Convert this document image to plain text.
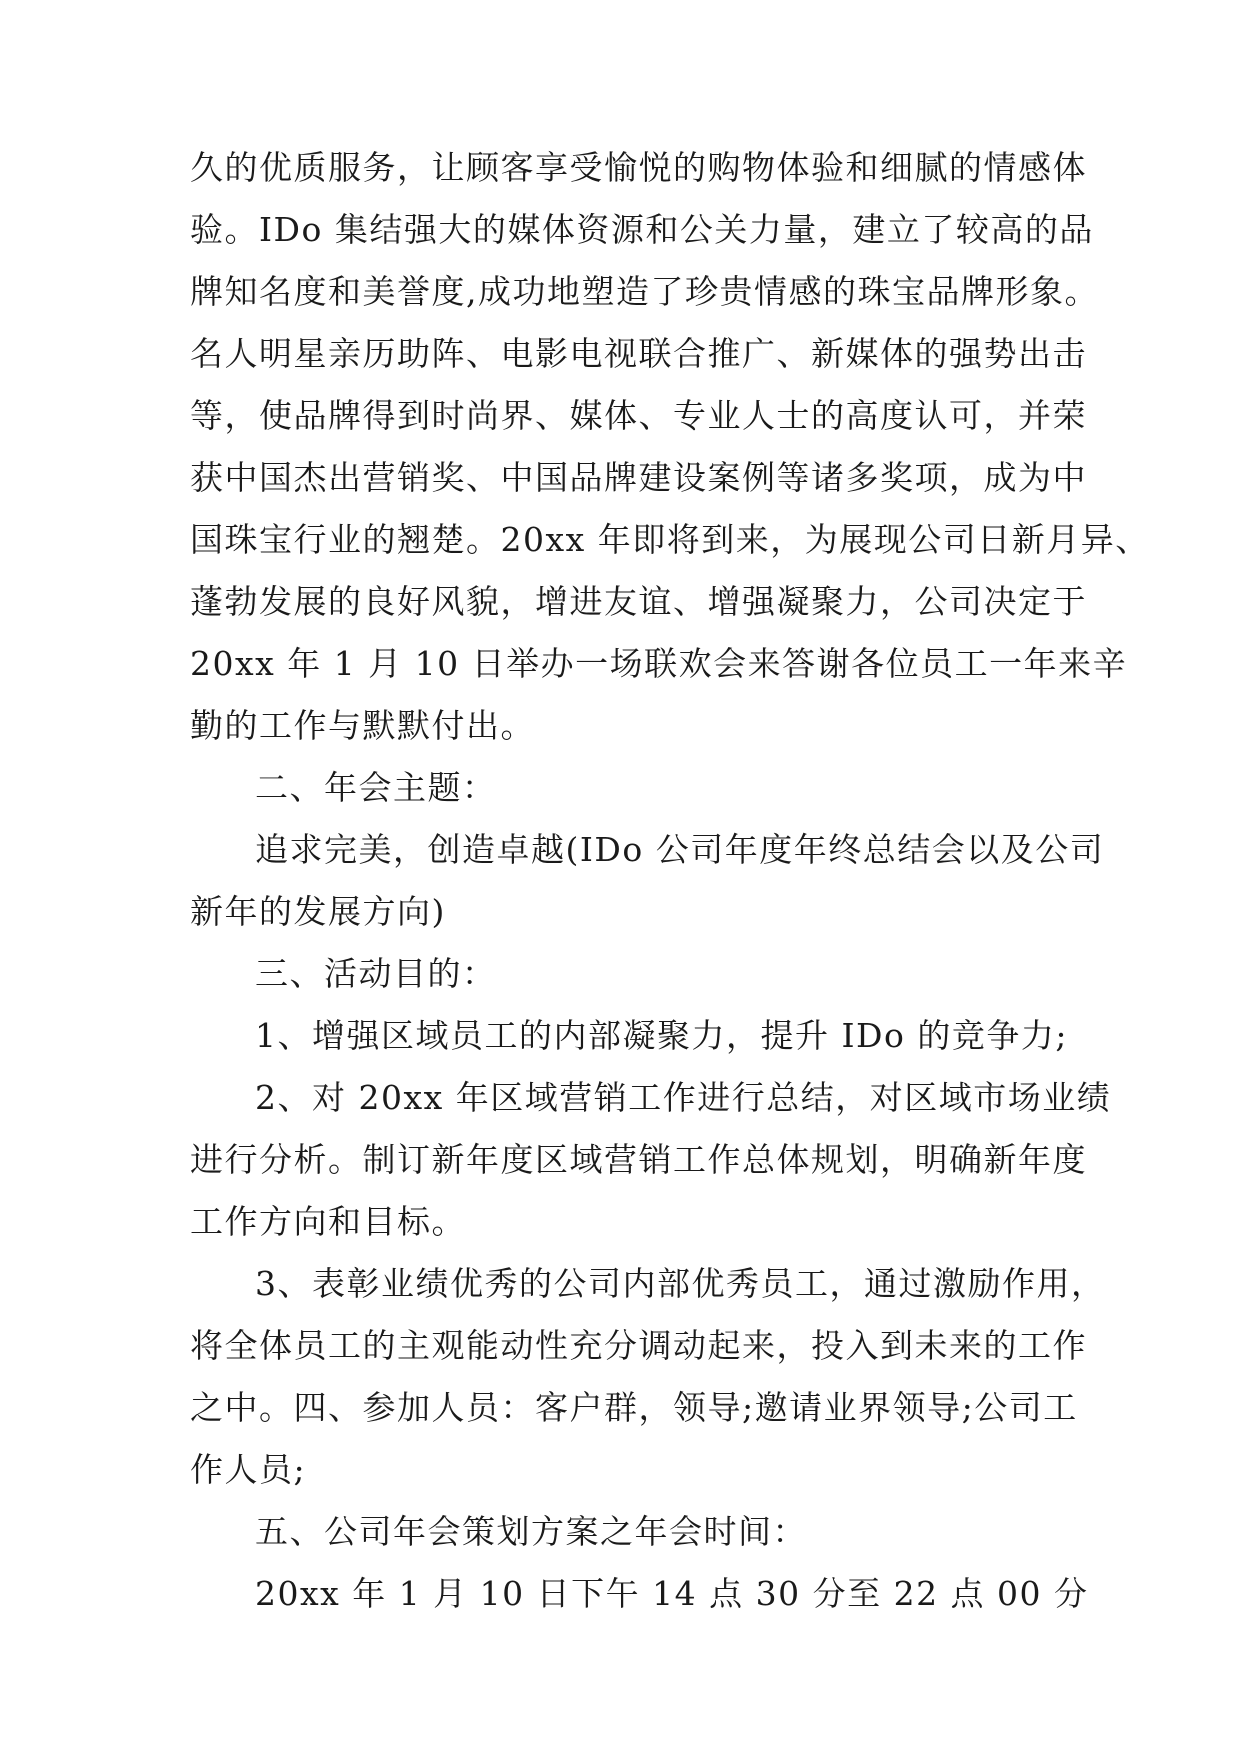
久的优质服务，让顾客享受愉悦的购物体验和细腻的情感体
验。IDo 集结强大的媒体资源和公关力量，建立了较高的品
牌知名度和美誉度,成功地塑造了珍贵情感的珠宝品牌形象。
名人明星亲历助阵、电影电视联合推广、新媒体的强势出击
等，使品牌得到时尚界、媒体、专业人士的高度认可，并荣
获中国杰出营销奖、中国品牌建设案例等诸多奖项，成为中
国珠宝行业的翘楚。20xx 年即将到来，为展现公司日新月异、
蓬勃发展的良好风貌，增进友谊、增强凝聚力，公司决定于
20xx 年 1 月 10 日举办一场联欢会来答谢各位员工一年来辛
勤的工作与默默付出。
二、年会主题：
追求完美，创造卓越(IDo 公司年度年终总结会以及公司
新年的发展方向)
三、活动目的：
1、增强区域员工的内部凝聚力，提升 IDo 的竞争力;
2、对 20xx 年区域营销工作进行总结，对区域市场业绩
进行分析。制订新年度区域营销工作总体规划，明确新年度
工作方向和目标。
3、表彰业绩优秀的公司内部优秀员工，通过激励作用，
将全体员工的主观能动性充分调动起来，投入到未来的工作
之中。四、参加人员：客户群，领导;邀请业界领导;公司工
作人员;
五、公司年会策划方案之年会时间：
20xx 年 1 月 10 日下午 14 点 30 分至 22 点 00 分
